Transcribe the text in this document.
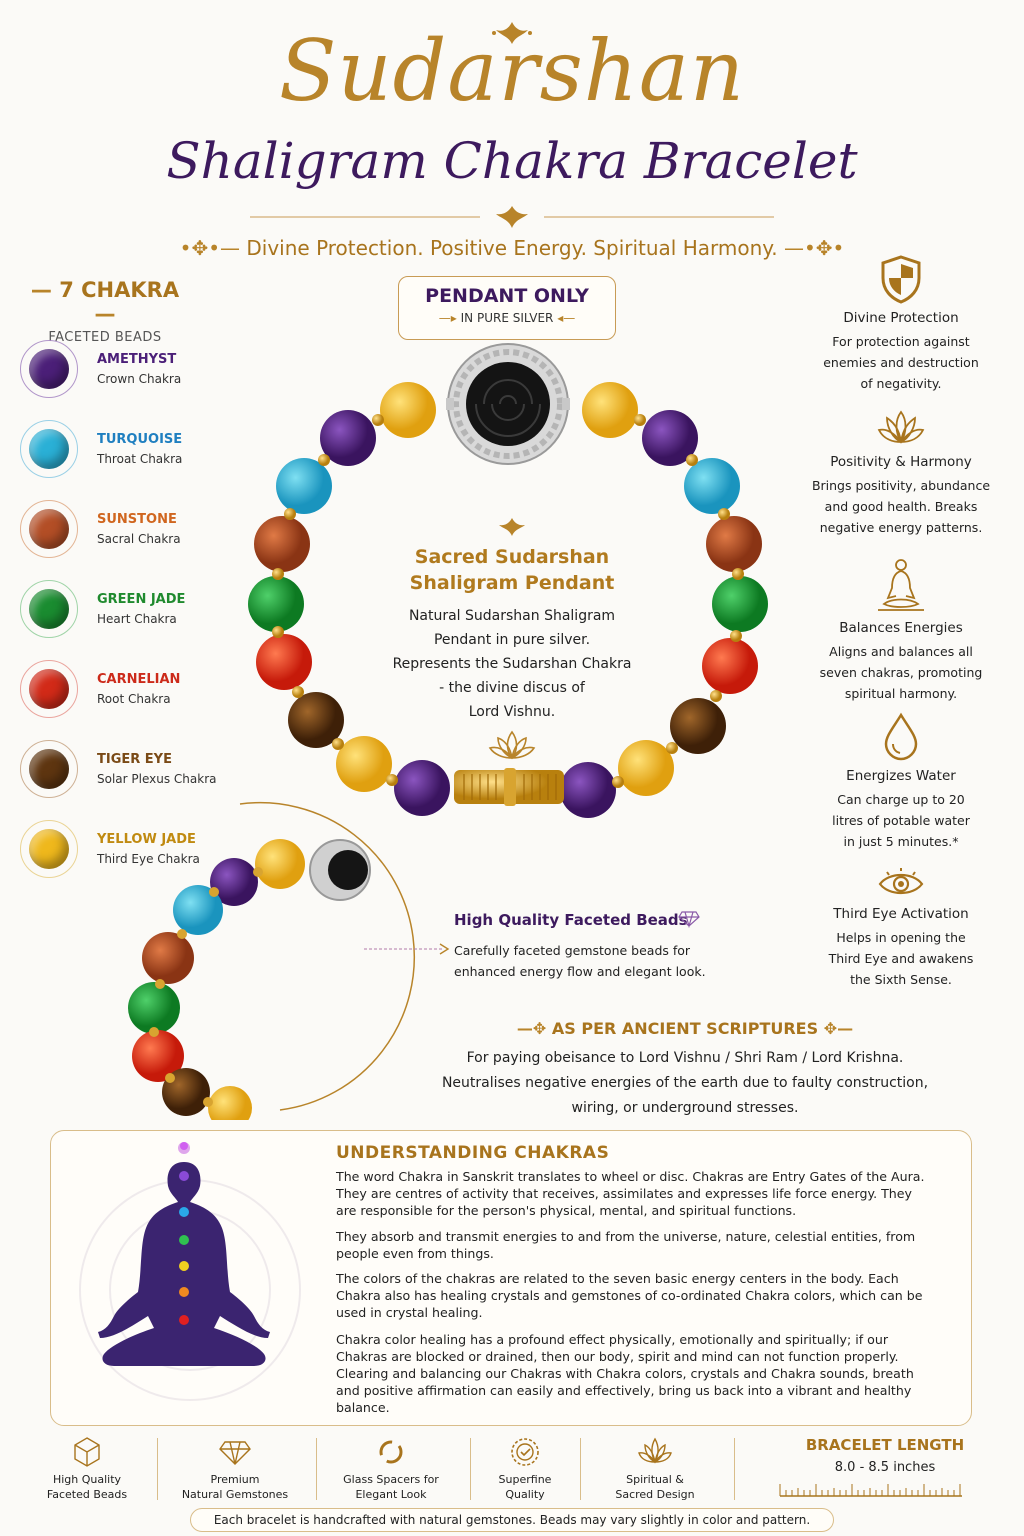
Sudarshan
Shaligram Chakra Bracelet
•✥•— Divine Protection. Positive Energy. Spiritual Harmony. —•✥•
— 7 CHAKRA —
FACETED BEADS
AMETHYST
Crown Chakra
TURQUOISE
Throat Chakra
SUNSTONE
Sacral Chakra
GREEN JADE
Heart Chakra
CARNELIAN
Root Chakra
TIGER EYE
Solar Plexus Chakra
YELLOW JADE
Third Eye Chakra
PENDANT ONLY
—▸ IN PURE SILVER ◂—
Sacred Sudarshan
Shaligram Pendant
Natural Sudarshan Shaligram
Pendant in pure silver.
Represents the Sudarshan Chakra
- the divine discus of
Lord Vishnu.
Divine Protection
For protection against
enemies and destruction
of negativity.
Positivity & Harmony
Brings positivity, abundance
and good health. Breaks
negative energy patterns.
Balances Energies
Aligns and balances all
seven chakras, promoting
spiritual harmony.
Energizes Water
Can charge up to 20
litres of potable water
in just 5 minutes.*
Third Eye Activation
Helps in opening the
Third Eye and awakens
the Sixth Sense.
High Quality Faceted Beads
Carefully faceted gemstone beads for
enhanced energy flow and elegant look.
—✥ AS PER ANCIENT SCRIPTURES ✥—
For paying obeisance to Lord Vishnu / Shri Ram / Lord Krishna.
Neutralises negative energies of the earth due to faulty construction,
wiring, or underground stresses.
UNDERSTANDING CHAKRAS
The word Chakra in Sanskrit translates to wheel or disc. Chakras are Entry Gates of the Aura. They are centres of activity that receives, assimilates and expresses life force energy. They are responsible for the person's physical, mental, and spiritual functions.
They absorb and transmit energies to and from the universe, nature, celestial entities, from people even from things.
The colors of the chakras are related to the seven basic energy centers in the body. Each Chakra also has healing crystals and gemstones of co-ordinated Chakra colors, which can be used in crystal healing.
Chakra color healing has a profound effect physically, emotionally and spiritually; if our Chakras are blocked or drained, then our body, spirit and mind can not function properly. Clearing and balancing our Chakras with Chakra colors, crystals and Chakra sounds, breath and positive affirmation can easily and effectively, bring us back into a vibrant and healthy balance.
High Quality
Faceted Beads
Premium
Natural Gemstones
Glass Spacers for
Elegant Look
Superfine
Quality
Spiritual &
Sacred Design
BRACELET LENGTH
8.0 - 8.5 inches
Each bracelet is handcrafted with natural gemstones. Beads may vary slightly in color and pattern.
